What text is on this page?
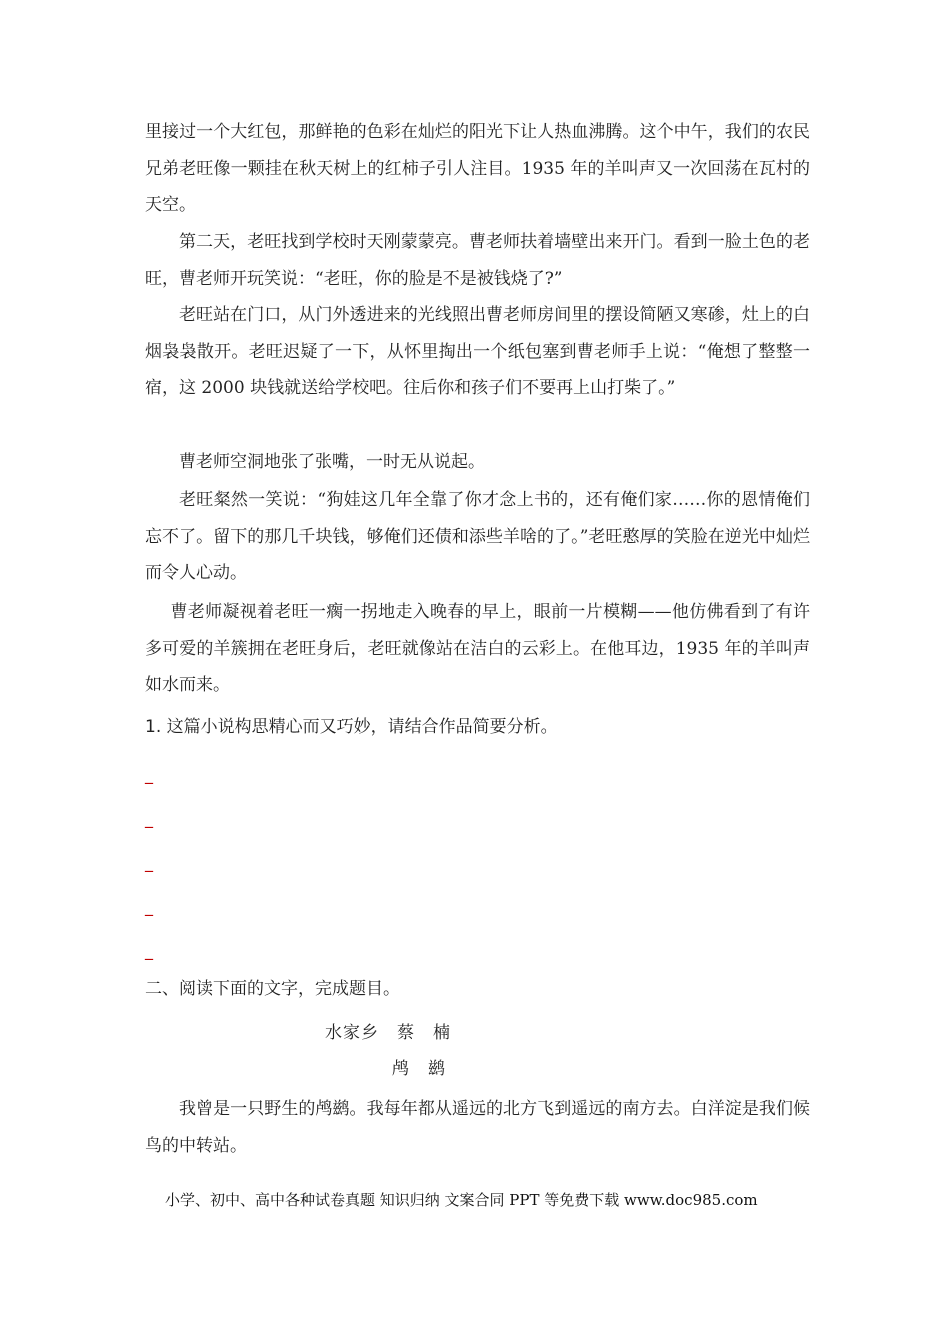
里接过一个大红包，那鲜艳的色彩在灿烂的阳光下让人热血沸腾。这个中午，我们的农民兄弟老旺像一颗挂在秋天树上的红柿子引人注目。1935 年的羊叫声又一次回荡在瓦村的天空。

第二天，老旺找到学校时天刚蒙蒙亮。曹老师扶着墙壁出来开门。看到一脸土色的老旺，曹老师开玩笑说：“老旺，你的脸是不是被钱烧了?”

老旺站在门口，从门外透进来的光线照出曹老师房间里的摆设简陋又寒碜，灶上的白烟袅袅散开。老旺迟疑了一下，从怀里掏出一个纸包塞到曹老师手上说：“俺想了整整一宿，这 2000 块钱就送给学校吧。往后你和孩子们不要再上山打柴了。”

曹老师空洞地张了张嘴，一时无从说起。

老旺粲然一笑说：“狗娃这几年全靠了你才念上书的，还有俺们家……你的恩情俺们忘不了。留下的那几千块钱，够俺们还债和添些羊啥的了。”老旺憨厚的笑脸在逆光中灿烂而令人心动。

曹老师凝视着老旺一瘸一拐地走入晚春的早上，眼前一片模糊——他仿佛看到了有许多可爱的羊簇拥在老旺身后，老旺就像站在洁白的云彩上。在他耳边，1935 年的羊叫声如水而来。

1. 这篇小说构思精心而又巧妙，请结合作品简要分析。
_
_
_
_
_
二、阅读下面的文字，完成题目。
水家乡　蔡　楠
鸬　鹚

我曾是一只野生的鸬鹚。我每年都从遥远的北方飞到遥远的南方去。白洋淀是我们候鸟的中转站。

小学、初中、高中各种试卷真题 知识归纳 文案合同 PPT 等免费下载 www.doc985.com
